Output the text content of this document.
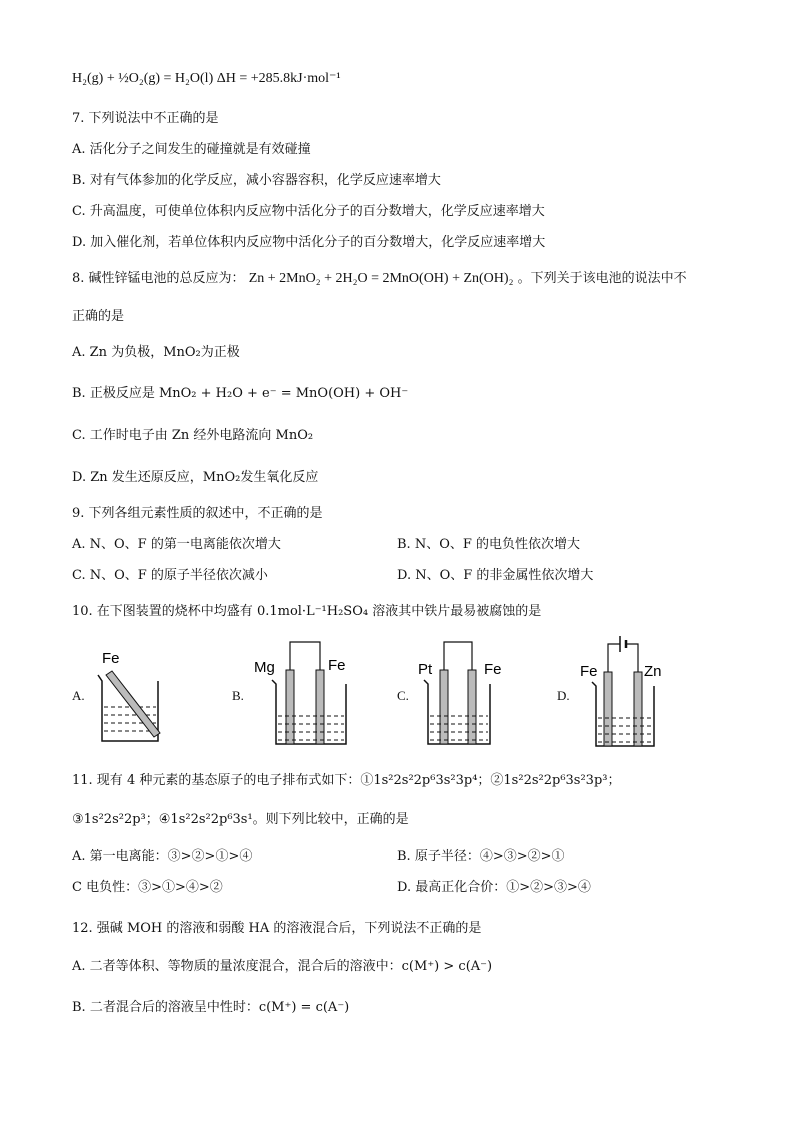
H₂(g) + ½O₂(g) = H₂O(l) ΔH = +285.8kJ·mol⁻¹
7. 下列说法中不正确的是
A. 活化分子之间发生的碰撞就是有效碰撞
B. 对有气体参加的化学反应，减小容器容积，化学反应速率增大
C. 升高温度，可使单位体积内反应物中活化分子的百分数增大，化学反应速率增大
D. 加入催化剂，若单位体积内反应物中活化分子的百分数增大，化学反应速率增大
8. 碱性锌锰电池的总反应为： Zn + 2MnO₂ + 2H₂O = 2MnO(OH) + Zn(OH)₂ 。下列关于该电池的说法中不
正确的是
A. Zn 为负极，MnO₂为正极
B. 正极反应是 MnO₂ + H₂O + e⁻ = MnO(OH) + OH⁻
C. 工作时电子由 Zn 经外电路流向 MnO₂
D. Zn 发生还原反应，MnO₂发生氧化反应
9. 下列各组元素性质的叙述中，不正确的是
A. N、O、F 的第一电离能依次增大	B. N、O、F 的电负性依次增大
C. N、O、F 的原子半径依次减小	D. N、O、F 的非金属性依次增大
10. 在下图装置的烧杯中均盛有 0.1mol·L⁻¹H₂SO₄ 溶液其中铁片最易被腐蚀的是
A.
Fe
B.
Mg	Fe
C.
Pt	Fe
D.
Fe	Zn
11. 现有 4 种元素的基态原子的电子排布式如下：①1s²2s²2p⁶3s²3p⁴；②1s²2s²2p⁶3s²3p³；
③1s²2s²2p³；④1s²2s²2p⁶3s¹。则下列比较中，正确的是
A. 第一电离能：③>②>①>④	B. 原子半径：④>③>②>①
C 电负性：③>①>④>②	D. 最高正化合价：①>②>③>④
12. 强碱 MOH 的溶液和弱酸 HA 的溶液混合后，下列说法不正确的是
A. 二者等体积、等物质的量浓度混合，混合后的溶液中：c(M⁺) > c(A⁻)
B. 二者混合后的溶液呈中性时：c(M⁺) = c(A⁻)
